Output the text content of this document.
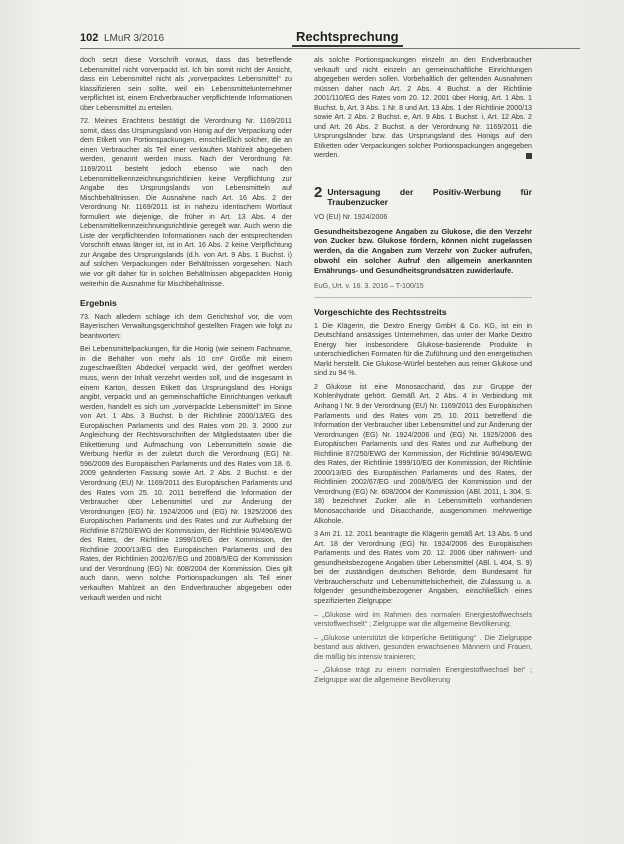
102 LMuR 3/2016	Rechtsprechung

doch setzt diese Vorschrift voraus, dass das betreffende Lebensmittel nicht vorverpackt ist. Ich bin somit nicht der Ansicht, dass ein Lebensmittel nicht als „vorverpacktes Lebensmittel“ zu klassifizieren sein sollte, weil ein Lebensmittelunternehmer verpflichtet ist, einem Endverbraucher verpflichtende Informationen über Lebensmittel zu erteilen.

72. Meines Erachtens bestätigt die Verordnung Nr. 1169/2011 somit, dass das Ursprungsland von Honig auf der Verpackung oder dem Etikett von Portionspackungen, einschließlich solcher, die an einen Verbraucher als Teil einer verkauften Mahlzeit abgegeben werden, genannt werden muss. Nach der Verordnung Nr. 1169/2011 besteht jedoch ebenso wie nach den Lebensmittelkennzeichnungsrichtlinien keine Verpflichtung zur Angabe des Ursprungslands von Lebensmitteln auf Mischbehältnissen. Die Ausnahme nach Art. 16 Abs. 2 der Verordnung Nr. 1169/2011 ist in nahezu identischem Wortlaut formuliert wie diejenige, die früher in Art. 13 Abs. 4 der Lebensmittelkennzeichnungsrichtlinie geregelt war. Auch wenn die Liste der verpflichtenden Informationen nach der entsprechenden Vorschrift etwas länger ist, ist in Art. 16 Abs. 2 keine Verpflichtung zur Angabe des Ursprungslands (d.h. von Art. 9 Abs. 1 Buchst. i) auf solchen Verpackungen oder Behältnissen vorgesehen. Nach wie vor gilt daher für in solchen Behältnissen abgepackten Honig weiterhin die Ausnahme für Mischbehältnisse.

Ergebnis

73. Nach alledem schlage ich dem Gerichtshof vor, die vom Bayerischen Verwaltungsgerichtshof gestellten Fragen wie folgt zu beantworten:

Bei Lebensmittelpackungen, für die Honig (wie seinem Fachname, in die Behälter von mehr als 10 cm² Größe mit einem zugeschweißten Abdeckel verpackt wird, der geöffnet werden muss, wenn der Inhalt verzehrt werden soll, und die insgesamt in einem Karton, dessen Etikett das Ursprungsland des Honigs angibt, verpackt und an gemeinschaftliche Einrichtungen verkauft werden, handelt es sich um „vorverpackte Lebensmittel“ im Sinne von Art. 1 Abs. 3 Buchst. b der Richtlinie 2000/13/EG des Europäischen Parlaments und des Rates vom 20. 3. 2000 zur Angleichung der Rechtsvorschriften der Mitgliedstaaten über die Etikettierung und Aufmachung von Lebensmitteln sowie die Werbung hierfür in der zuletzt durch die Verordnung (EG) Nr. 596/2009 des Europäischen Parlaments und des Rates vom 18. 6. 2009 geänderten Fassung sowie Art. 2 Abs. 2 Buchst. e der Verordnung (EU) Nr. 1169/2011 des Europäischen Parlaments und des Rates vom 25. 10. 2011 betreffend die Information der Verbraucher über Lebensmittel und zur Änderung der Verordnungen (EG) Nr. 1924/2006 und (EG) Nr. 1925/2006 des Europäischen Parlaments und des Rates und zur Aufhebung der Richtlinie 87/250/EWG der Kommission, der Richtlinie 90/496/EWG des Rates, der Richtlinie 1999/10/EG der Kommission, der Richtlinie 2000/13/EG des Europäischen Parlaments und des Rates, der Richtlinien 2002/67/EG und 2008/5/EG der Kommission und der Verordnung (EG) Nr. 608/2004 der Kommission. Dies gilt auch dann, wenn solche Portionspackungen als Teil einer verkauften Mahlzeit an den Endverbraucher abgegeben oder verkauft werden und nicht

als solche Portionspackungen einzeln an den Endverbraucher verkauft und nicht einzeln an gemeinschaftliche Einrichtungen abgegeben werden sollen. Vorbehaltlich der geltenden Ausnahmen müssen daher nach Art. 2 Abs. 4 Buchst. a der Richtlinie 2001/110/EG des Rates vom 20. 12. 2001 über Honig, Art. 1 Abs. 1 Buchst. b, Art. 3 Abs. 1 Nr. 8 und Art. 13 Abs. 1 der Richtlinie 2000/13 sowie Art. 2 Abs. 2 Buchst. e, Art. 9 Abs. 1 Buchst. i, Art. 12 Abs. 2 und Art. 26 Abs. 2 Buchst. a der Verordnung Nr. 1169/2011 die Ursprungsländer bzw. das Ursprungsland des Honigs auf den Etiketten oder Verpackungen solcher Portionspackungen angegeben werden.

2 Untersagung der Positiv-Werbung für Traubenzucker
VO (EU) Nr. 1924/2006
Gesundheitsbezogene Angaben zu Glukose, die den Verzehr von Zucker bzw. Glukose fördern, können nicht zugelassen werden, da die Angaben zum Verzehr von Zucker aufrufen, obwohl ein solcher Aufruf den allgemein anerkannten Ernährungs- und Gesundheitsgrundsätzen zuwiderlaufe.
EuG, Urt. v. 16. 3. 2016 – T-100/15
Vorgeschichte des Rechtsstreits

1 Die Klägerin, die Dextro Energy GmbH & Co. KG, ist ein in Deutschland ansässiges Unternehmen, das unter der Marke Dextro Energy hier insbesondere Glukose-basierende Produkte in unterschiedlichen Formaten für die Zuführung und den energetischen Markt herstellt. Die Glukose-Würfel bestehen aus reiner Glukose und sind zu 94 %.

2 Glukose ist eine Monosaccharid, das zur Gruppe der Kohlenhydrate gehört. Gemäß Art. 2 Abs. 4 in Verbindung mit Anhang I Nr. 9 der Verordnung (EU) Nr. 1169/2011 des Europäischen Parlaments und des Rates vom 25. 10. 2011 betreffend die Information der Verbraucher über Lebensmittel und zur Änderung der Verordnungen (EG) Nr. 1924/2006 und (EG) Nr. 1925/2006 des Europäischen Parlaments und des Rates und zur Aufhebung der Richtlinie 87/250/EWG der Kommission, der Richtlinie 90/496/EWG des Rates, der Richtlinie 1999/10/EG der Kommission, der Richtlinie 2000/13/EG des Europäischen Parlaments und des Rates, der Richtlinien 2002/67/EG und 2008/5/EG der Kommission und der Verordnung (EG) Nr. 608/2004 der Kommission (ABl. 2011, L 304, S. 18) bezeichnet Zucker alle in Lebensmitteln vorhandenen Monosaccharide und Disaccharide, ausgenommen mehrwertige Alkohole.

3 Am 21. 12. 2011 beantragte die Klägerin gemäß Art. 13 Abs. 5 und Art. 18 der Verordnung (EG) Nr. 1924/2006 des Europäischen Parlaments und des Rates vom 20. 12. 2006 über nährwert- und gesundheitsbezogene Angaben über Lebensmittel (ABl. L 404, S. 9) bei der zuständigen deutschen Behörde, dem Bundesamt für Verbraucherschutz und Lebensmittelsicherheit, die Zulassung u. a. folgender gesundheitsbezogener Angaben, einschließlich eines spezifizierten Zielgruppe:

– „Glukose wird im Rahmen des normalen Energiestoffwechsels verstoffwechselt“ ; Zielgruppe war die allgemeine Bevölkerung;

– „Glukose unterstützt die körperliche Betätigung“ . Die Zielgruppe bestand aus aktiven, gesunden erwachsenen Männern und Frauen, die mäßig bis intensiv trainieren;

– „Glukose trägt zu einem normalen Energiestoffwechsel bei“ ; Zielgruppe war die allgemeine Bevölkerung
